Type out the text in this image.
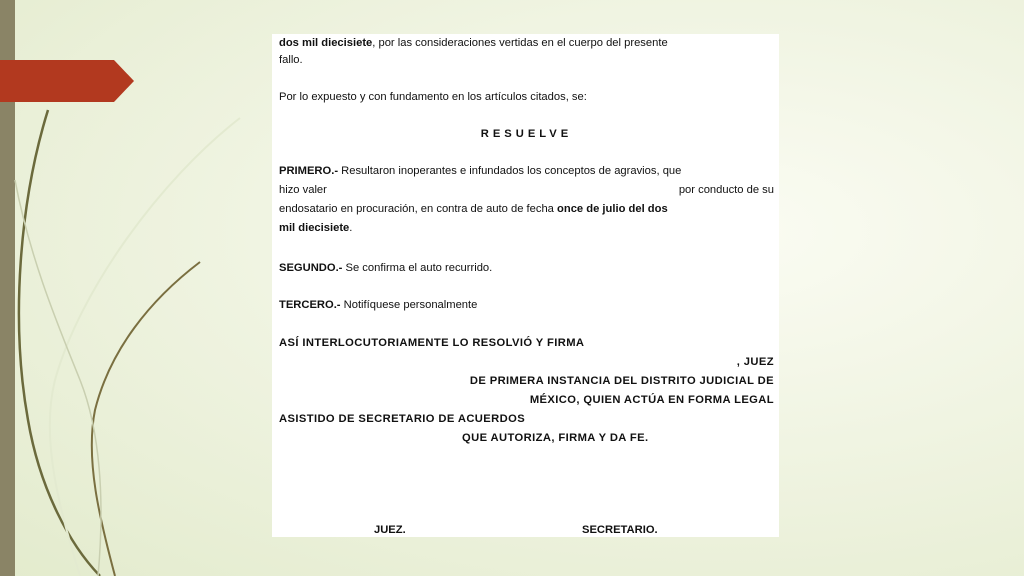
dos mil diecisiete, por las consideraciones vertidas en el cuerpo del presente
fallo.
Por lo expuesto y con fundamento en los artículos citados, se:
RESUELVE
PRIMERO.- Resultaron inoperantes e infundados los conceptos de agravios, que
hizo valer	por conducto de su
endosatario en procuración, en contra de auto de fecha once de julio del dos
mil diecisiete.
SEGUNDO.- Se confirma el auto recurrido.
TERCERO.- Notifíquese personalmente
ASÍ INTERLOCUTORIAMENTE LO RESOLVIÓ Y FIRMA
, JUEZ
DE PRIMERA INSTANCIA DEL DISTRITO JUDICIAL DE
MÉXICO, QUIEN ACTÚA EN FORMA LEGAL
ASISTIDO DE SECRETARIO DE ACUERDOS
QUE AUTORIZA, FIRMA Y DA FE.
JUEZ.	SECRETARIO.
